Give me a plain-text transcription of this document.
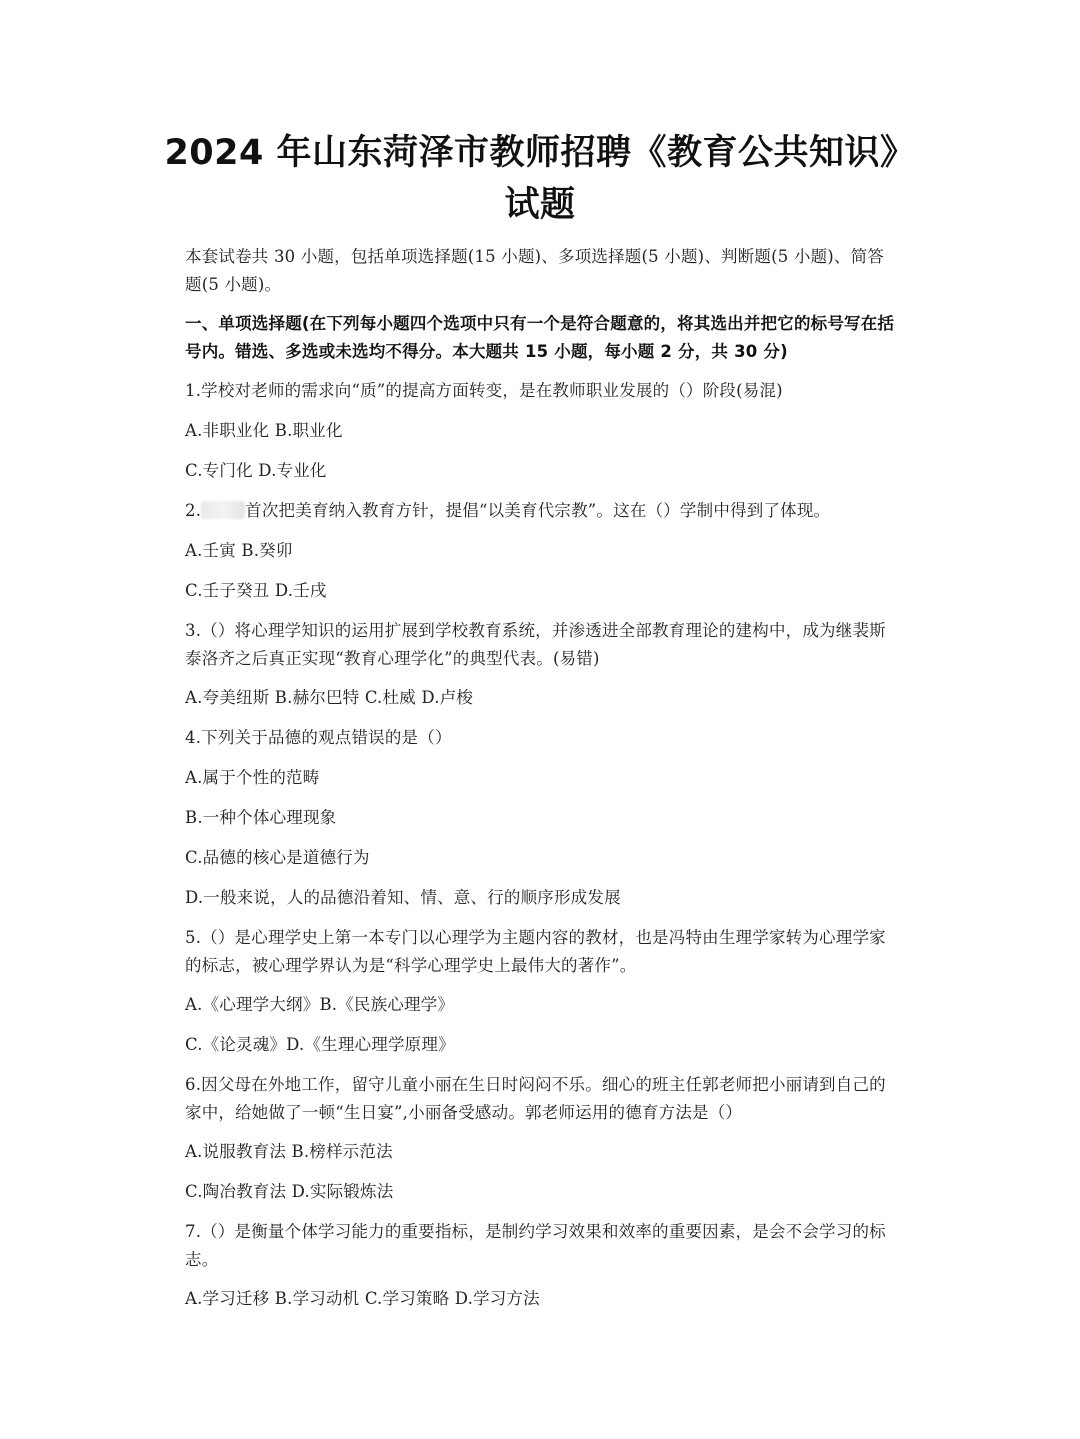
2024 年山东菏泽市教师招聘《教育公共知识》
试题
本套试卷共 30 小题，包括单项选择题(15 小题)、多项选择题(5 小题)、判断题(5 小题)、简答题(5 小题)。
一、单项选择题(在下列每小题四个选项中只有一个是符合题意的，将其选出并把它的标号写在括号内。错选、多选或未选均不得分。本大题共 15 小题，每小题 2 分，共 30 分)
1.学校对老师的需求向“质”的提高方面转变，是在教师职业发展的（）阶段(易混)
A.非职业化 B.职业化
C.专门化 D.专业化
2.	首次把美育纳入教育方针，提倡“以美育代宗教”。这在（）学制中得到了体现。
A.壬寅 B.癸卯
C.壬子癸丑 D.壬戌
3.（）将心理学知识的运用扩展到学校教育系统，并渗透进全部教育理论的建构中，成为继裴斯泰洛齐之后真正实现“教育心理学化”的典型代表。(易错)
A.夸美纽斯 B.赫尔巴特 C.杜威 D.卢梭
4.下列关于品德的观点错误的是（）
A.属于个性的范畴
B.一种个体心理现象
C.品德的核心是道德行为
D.一般来说，人的品德沿着知、情、意、行的顺序形成发展
5.（）是心理学史上第一本专门以心理学为主题内容的教材，也是冯特由生理学家转为心理学家的标志，被心理学界认为是“科学心理学史上最伟大的著作”。
A.《心理学大纲》B.《民族心理学》
C.《论灵魂》D.《生理心理学原理》
6.因父母在外地工作，留守儿童小丽在生日时闷闷不乐。细心的班主任郭老师把小丽请到自己的家中，给她做了一顿“生日宴”,小丽备受感动。郭老师运用的德育方法是（）
A.说服教育法 B.榜样示范法
C.陶冶教育法 D.实际锻炼法
7.（）是衡量个体学习能力的重要指标，是制约学习效果和效率的重要因素，是会不会学习的标志。
A.学习迁移 B.学习动机 C.学习策略 D.学习方法
